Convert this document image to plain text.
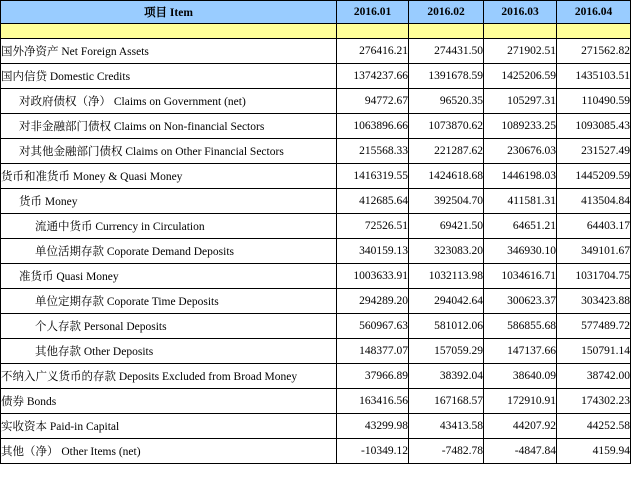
项目 Item	2016.01	2016.02	2016.03	2016.04

国外净资产 Net Foreign Assets	276416.21	274431.50	271902.51	271562.82
国内信贷 Domestic Credits	1374237.66	1391678.59	1425206.59	1435103.51
对政府债权（净） Claims on Government (net)	94772.67	96520.35	105297.31	110490.59
对非金融部门债权 Claims on Non-financial Sectors	1063896.66	1073870.62	1089233.25	1093085.43
对其他金融部门债权 Claims on Other Financial Sectors	215568.33	221287.62	230676.03	231527.49
货币和准货币 Money & Quasi Money	1416319.55	1424618.68	1446198.03	1445209.59
货币 Money	412685.64	392504.70	411581.31	413504.84
流通中货币 Currency in Circulation	72526.51	69421.50	64651.21	64403.17
单位活期存款 Coporate Demand Deposits	340159.13	323083.20	346930.10	349101.67
准货币 Quasi Money	1003633.91	1032113.98	1034616.71	1031704.75
单位定期存款 Coporate Time Deposits	294289.20	294042.64	300623.37	303423.88
个人存款 Personal Deposits	560967.63	581012.06	586855.68	577489.72
其他存款 Other Deposits	148377.07	157059.29	147137.66	150791.14
不纳入广义货币的存款 Deposits Excluded from Broad Money	37966.89	38392.04	38640.09	38742.00
债券 Bonds	163416.56	167168.57	172910.91	174302.23
实收资本 Paid-in Capital	43299.98	43413.58	44207.92	44252.58
其他（净） Other Items (net)	-10349.12	-7482.78	-4847.84	4159.94
